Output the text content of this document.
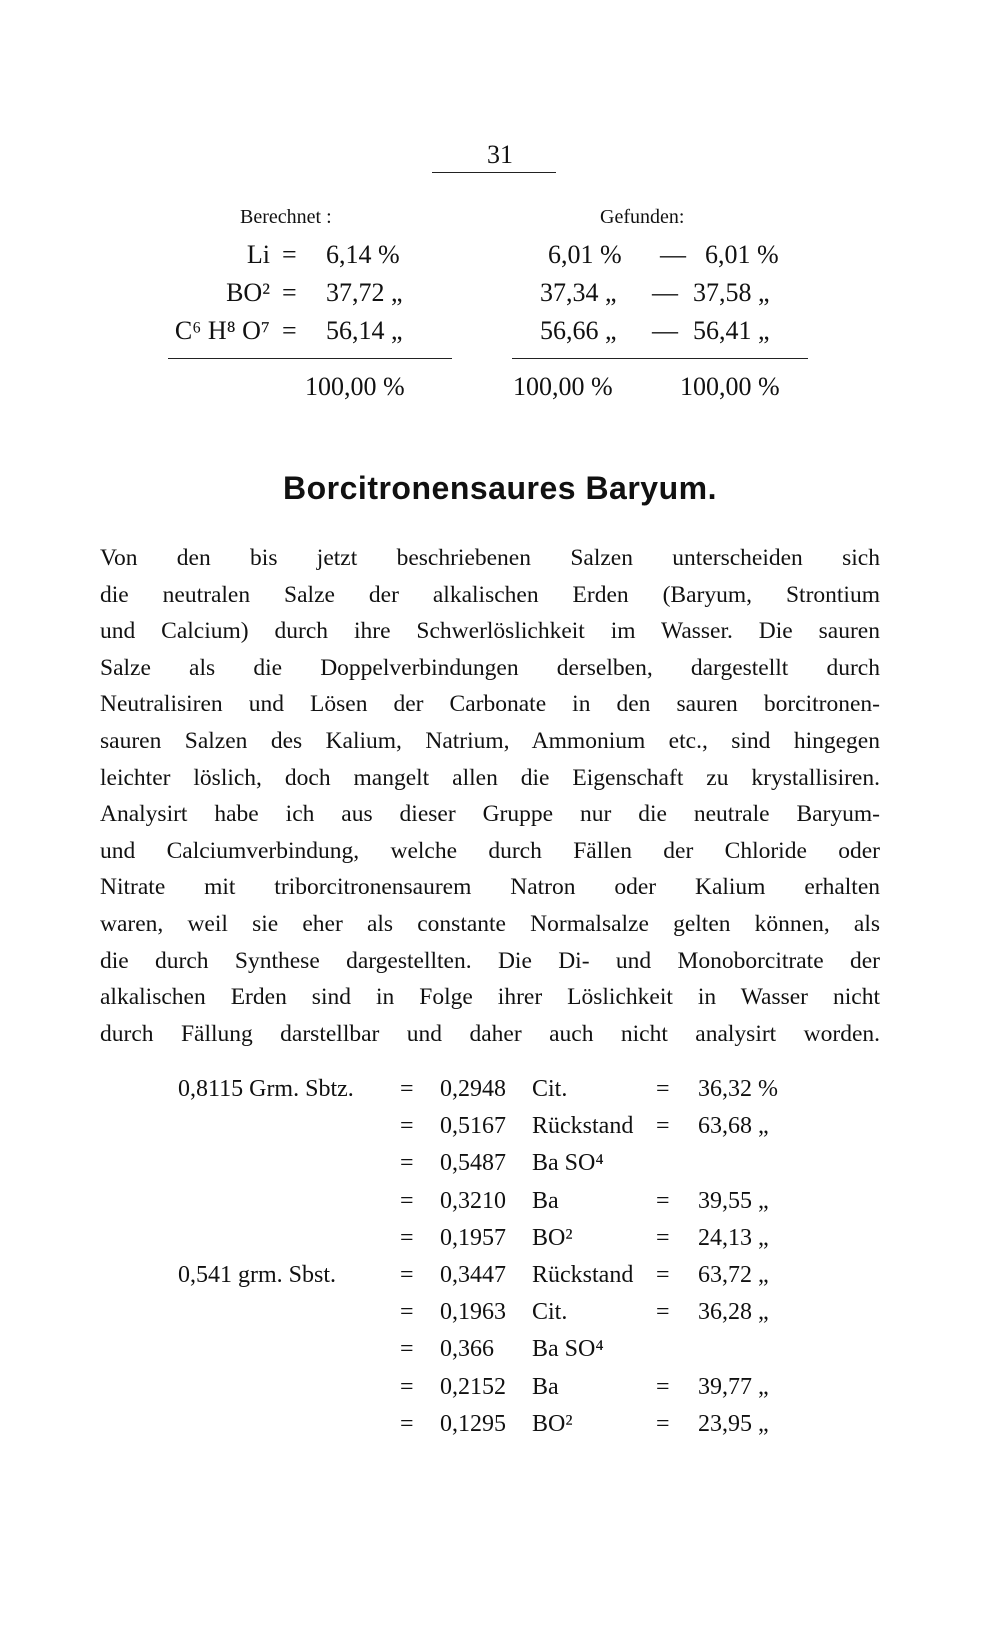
31
Berechnet :	Gefunden:
Li = 6,14 %	6,01 % — 6,01 %
BO² = 37,72 „	37,34 „ — 37,58 „
C⁶ H⁸ O⁷ = 56,14 „	56,66 „ — 56,41 „
100,00 %	100,00 %	100,00 %
Borcitronensaures Baryum.
Von den bis jetzt beschriebenen Salzen unterscheiden sich
die neutralen Salze der alkalischen Erden (Baryum, Strontium
und Calcium) durch ihre Schwerlöslichkeit im Wasser. Die sauren
Salze als die Doppelverbindungen derselben, dargestellt durch
Neutralisiren und Lösen der Carbonate in den sauren borcitronen-
sauren Salzen des Kalium, Natrium, Ammonium etc., sind hingegen
leichter löslich, doch mangelt allen die Eigenschaft zu krystallisiren.
Analysirt habe ich aus dieser Gruppe nur die neutrale Baryum-
und Calciumverbindung, welche durch Fällen der Chloride oder
Nitrate mit triborcitronensaurem Natron oder Kalium erhalten
waren, weil sie eher als constante Normalsalze gelten können, als
die durch Synthese dargestellten. Die Di- und Monoborcitrate der
alkalischen Erden sind in Folge ihrer Löslichkeit in Wasser nicht
durch Fällung darstellbar und daher auch nicht analysirt worden.
0,8115 Grm. Sbtz. = 0,2948 Cit.	= 36,32 %
= 0,5167 Rückstand = 63,68 „
= 0,5487 Ba SO⁴
= 0,3210 Ba	= 39,55 „
= 0,1957 BO²	= 24,13 „
0,541 grm. Sbst.	= 0,3447 Rückstand = 63,72 „
= 0,1963 Cit.	= 36,28 „
= 0,366 Ba SO⁴
= 0,2152 Ba	= 39,77 „
= 0,1295 BO²	= 23,95 „
